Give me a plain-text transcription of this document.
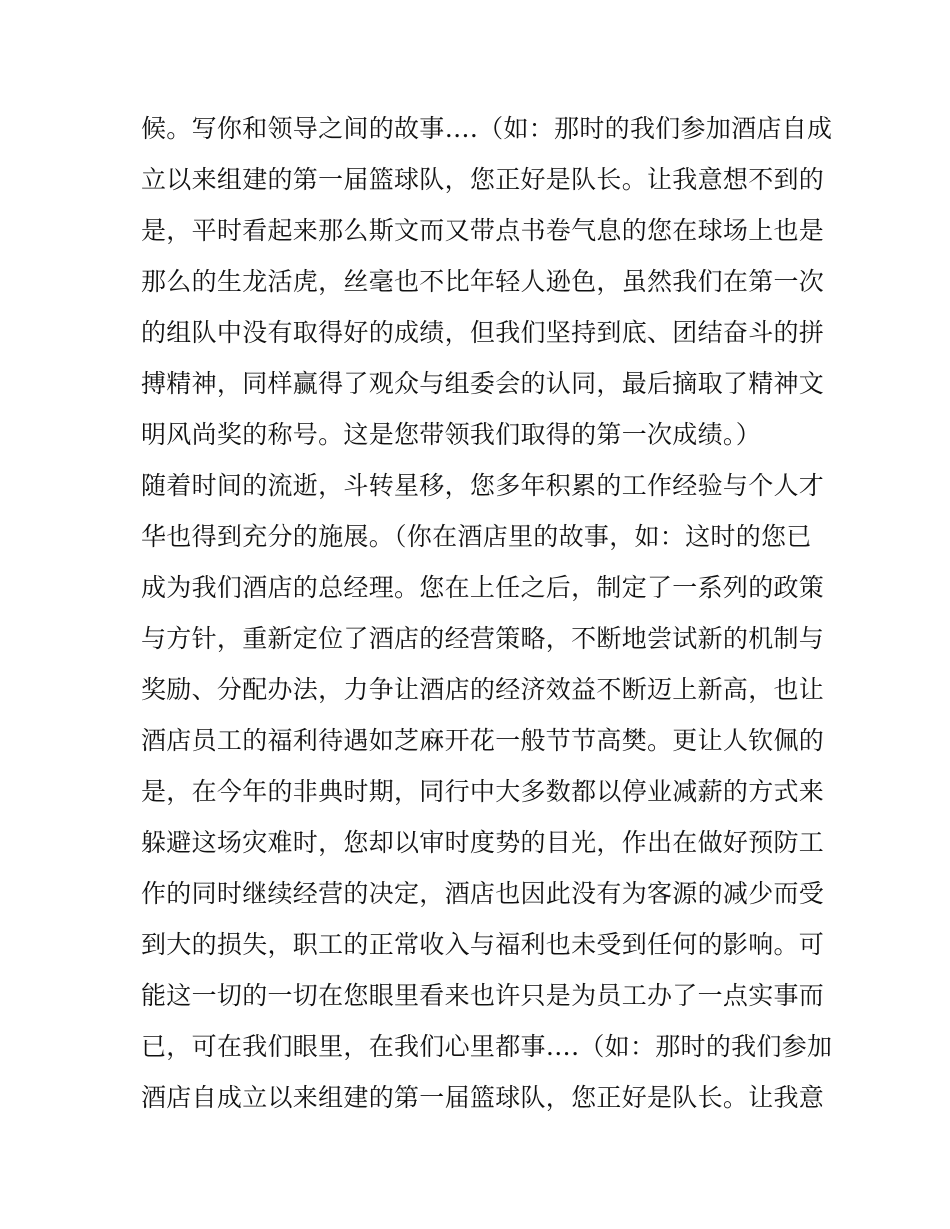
候。写你和领导之间的故事….（如：那时的我们参加酒店自成
立以来组建的第一届篮球队，您正好是队长。让我意想不到的
是，平时看起来那么斯文而又带点书卷气息的您在球场上也是
那么的生龙活虎，丝毫也不比年轻人逊色，虽然我们在第一次
的组队中没有取得好的成绩，但我们坚持到底、团结奋斗的拼
搏精神，同样赢得了观众与组委会的认同，最后摘取了精神文
明风尚奖的称号。这是您带领我们取得的第一次成绩。）
随着时间的流逝，斗转星移，您多年积累的工作经验与个人才
华也得到充分的施展。（你在酒店里的故事，如：这时的您已
成为我们酒店的总经理。您在上任之后，制定了一系列的政策
与方针，重新定位了酒店的经营策略，不断地尝试新的机制与
奖励、分配办法，力争让酒店的经济效益不断迈上新高，也让
酒店员工的福利待遇如芝麻开花一般节节高樊。更让人钦佩的
是，在今年的非典时期，同行中大多数都以停业减薪的方式来
躲避这场灾难时，您却以审时度势的目光，作出在做好预防工
作的同时继续经营的决定，酒店也因此没有为客源的减少而受
到大的损失，职工的正常收入与福利也未受到任何的影响。可
能这一切的一切在您眼里看来也许只是为员工办了一点实事而
已，可在我们眼里，在我们心里都事….（如：那时的我们参加
酒店自成立以来组建的第一届篮球队，您正好是队长。让我意
